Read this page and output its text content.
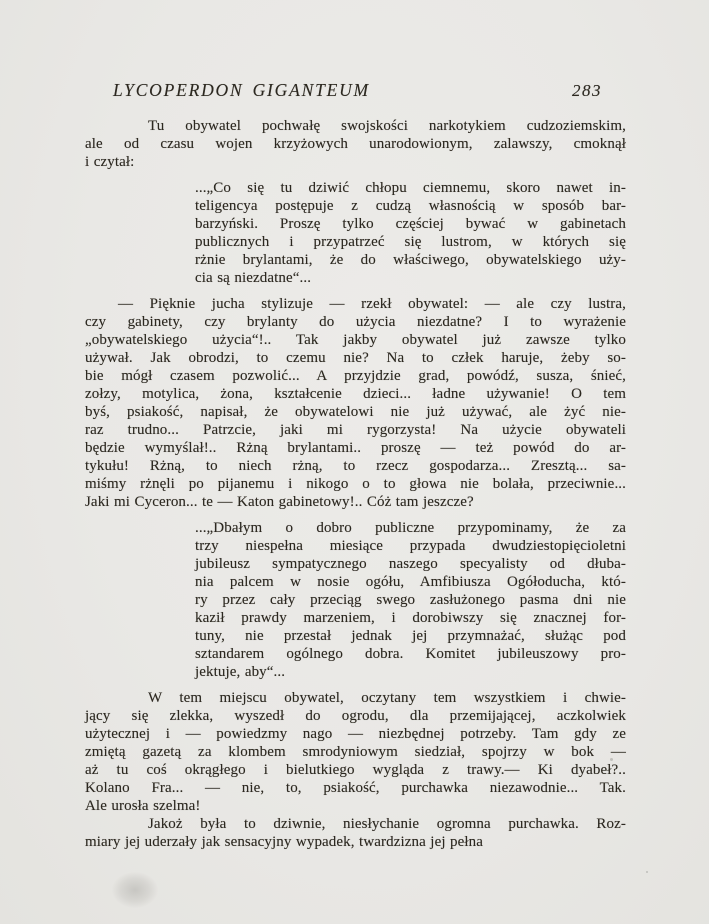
LYCOPERDON GIGANTEUM	283
Tu obywatel pochwałę swojskości narkotykiem cudzoziemskim,
ale od czasu wojen krzyżowych unarodowionym, zalawszy, cmoknął
i czytał:
...„Co się tu dziwić chłopu ciemnemu, skoro nawet in-
teligencya postępuje z cudzą własnością w sposób bar-
barzyński. Proszę tylko częściej bywać w gabinetach
publicznych i przypatrzeć się lustrom, w których się
rżnie brylantami, że do właściwego, obywatelskiego uży-
cia są niezdatne“...
— Pięknie jucha stylizuje — rzekł obywatel: — ale czy lustra,
czy gabinety, czy brylanty do użycia niezdatne? I to wyrażenie
„obywatelskiego użycia“!.. Tak jakby obywatel już zawsze tylko
używał. Jak obrodzi, to czemu nie? Na to człek haruje, żeby so-
bie mógł czasem pozwolić... A przyjdzie grad, powódź, susza, śnieć,
zołzy, motylica, żona, kształcenie dzieci... ładne używanie! O tem
byś, psiakość, napisał, że obywatelowi nie już używać, ale żyć nie-
raz trudno... Patrzcie, jaki mi rygorzysta! Na użycie obywateli
będzie wymyślał!.. Rżną brylantami.. proszę — też powód do ar-
tykułu! Rżną, to niech rżną, to rzecz gospodarza... Zresztą... sa-
miśmy rżnęli po pijanemu i nikogo o to głowa nie bolała, przeciwnie...
Jaki mi Cyceron... te — Katon gabinetowy!.. Cóż tam jeszcze?
...„Dbałym o dobro publiczne przypominamy, że za
trzy niespełna miesiące przypada dwudziestopięcioletni
jubileusz sympatycznego naszego specyalisty od dłuba-
nia palcem w nosie ogółu, Amfibiusza Ogółoducha, któ-
ry przez cały przeciąg swego zasłużonego pasma dni nie
kaził prawdy marzeniem, i dorobiwszy się znacznej for-
tuny, nie przestał jednak jej przymnażać, służąc pod
sztandarem ogólnego dobra. Komitet jubileuszowy pro-
jektuje, aby“...
W tem miejscu obywatel, oczytany tem wszystkiem i chwie-
jący się zlekka, wyszedł do ogrodu, dla przemijającej, aczkolwiek
użytecznej i — powiedzmy nago — niezbędnej potrzeby. Tam gdy ze
zmiętą gazetą za klombem smrodyniowym siedział, spojrzy w bok —
aż tu coś okrągłego i bielutkiego wygląda z trawy.— Ki dyabeł?..
Kolano Fra... — nie, to, psiakość, purchawka niezawodnie... Tak.
Ale urosła szelma!
Jakoż była to dziwnie, niesłychanie ogromna purchawka. Roz-
miary jej uderzały jak sensacyjny wypadek, twardzizna jej pełna
